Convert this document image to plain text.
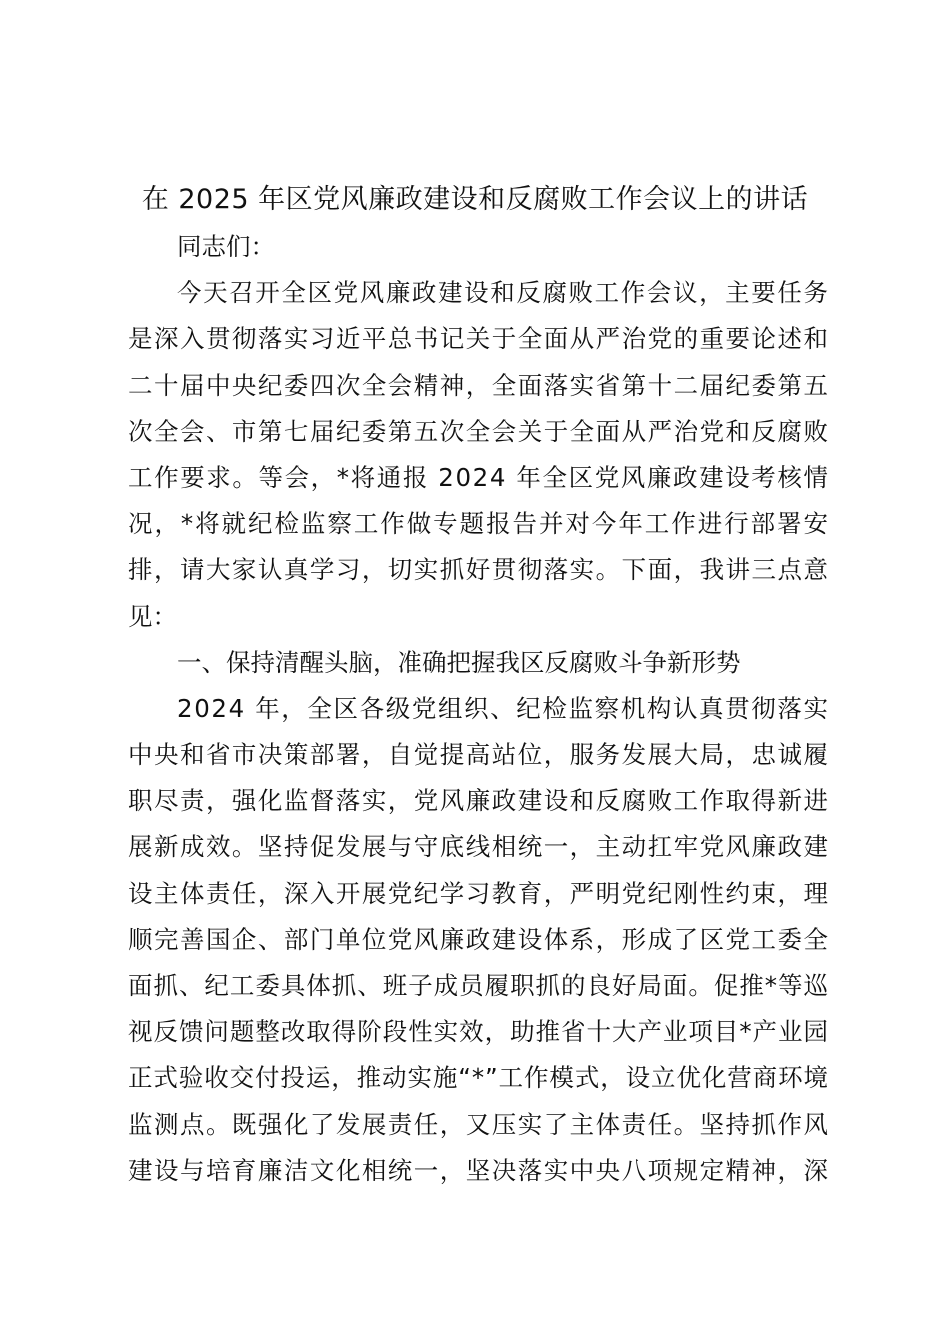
在 2025 年区党风廉政建设和反腐败工作会议上的讲话
同志们：
今天召开全区党风廉政建设和反腐败工作会议，主要任务
是深入贯彻落实习近平总书记关于全面从严治党的重要论述和
二十届中央纪委四次全会精神，全面落实省第十二届纪委第五
次全会、市第七届纪委第五次全会关于全面从严治党和反腐败
工作要求。等会，*将通报 2024 年全区党风廉政建设考核情
况，*将就纪检监察工作做专题报告并对今年工作进行部署安
排，请大家认真学习，切实抓好贯彻落实。下面，我讲三点意
见：
一、保持清醒头脑，准确把握我区反腐败斗争新形势
2024 年，全区各级党组织、纪检监察机构认真贯彻落实
中央和省市决策部署，自觉提高站位，服务发展大局，忠诚履
职尽责，强化监督落实，党风廉政建设和反腐败工作取得新进
展新成效。坚持促发展与守底线相统一，主动扛牢党风廉政建
设主体责任，深入开展党纪学习教育，严明党纪刚性约束，理
顺完善国企、部门单位党风廉政建设体系，形成了区党工委全
面抓、纪工委具体抓、班子成员履职抓的良好局面。促推*等巡
视反馈问题整改取得阶段性实效，助推省十大产业项目*产业园
正式验收交付投运，推动实施“*”工作模式，设立优化营商环境
监测点。既强化了发展责任，又压实了主体责任。坚持抓作风
建设与培育廉洁文化相统一，坚决落实中央八项规定精神，深
